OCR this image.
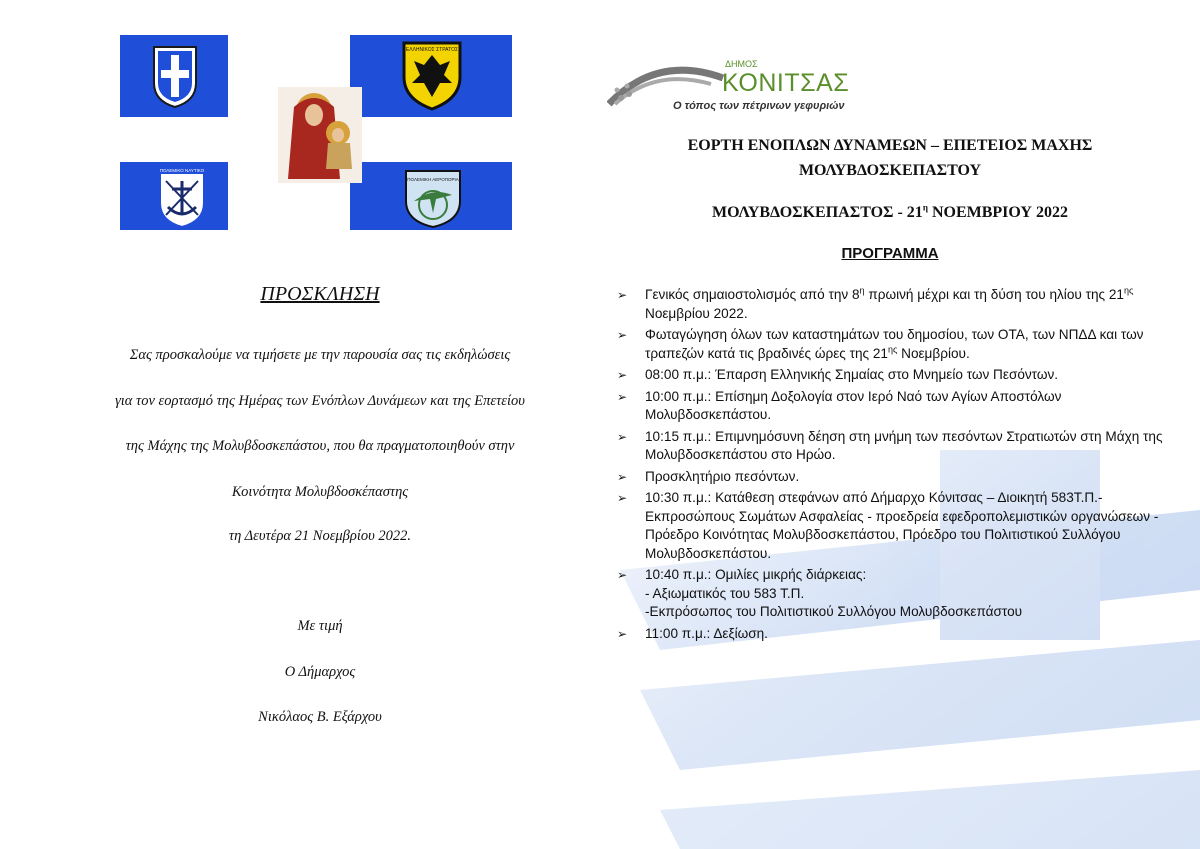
ΕΛΛΗΝΙΚΟΣ ΣΤΡΑΤΟΣ
ΠΟΛΕΜΙΚΟ ΝΑΥΤΙΚΟ
ΠΟΛΕΜΙΚΗ ΑΕΡΟΠΟΡΙΑ
ΠΡΟΣΚΛΗΣΗ
Σας προσκαλούμε να τιμήσετε με την παρουσία σας τις εκδηλώσεις
για τον εορτασμό της Ημέρας των Ενόπλων Δυνάμεων και της Επετείου
της Μάχης της Μολυβδοσκεπάστου, που θα πραγματοποιηθούν στην
Κοινότητα Μολυβδοσκέπαστης
τη Δευτέρα 21 Νοεμβρίου 2022.
Με τιμή
Ο Δήμαρχος
Νικόλαος Β. Εξάρχου
ΔΗΜΟΣ
ΚΟΝΙΤΣΑΣ
Ο τόπος των πέτρινων γεφυριών
ΕΟΡΤΗ ΕΝΟΠΛΩΝ ΔΥΝΑΜΕΩΝ – ΕΠΕΤΕΙΟΣ ΜΑΧΗΣ
ΜΟΛΥΒΔΟΣΚΕΠΑΣΤΟΥ
ΜΟΛΥΒΔΟΣΚΕΠΑΣΤΟΣ - $21^\eta$ ΝΟΕΜΒΡΙΟΥ 2022
ΠΡΟΓΡΑΜΜΑ
➢ Γενικός σημαιοστολισμός από την $8^\eta$ πρωινή μέχρι και τη δύση του ηλίου της $21^{\eta\varsigma}$ Νοεμβρίου 2022.
➢ Φωταγώγηση όλων των καταστημάτων του δημοσίου, των ΟΤΑ, των ΝΠΔΔ και των τραπεζών κατά τις βραδινές ώρες της $21^{\eta\varsigma}$ Νοεμβρίου.
➢ 08:00 π.μ.: Έπαρση Ελληνικής Σημαίας στο Μνημείο των Πεσόντων.
➢ 10:00 π.μ.: Επίσημη Δοξολογία στον Ιερό Ναό των Αγίων Αποστόλων Μολυβδοσκεπάστου.
➢ 10:15 π.μ.: Επιμνημόσυνη δέηση στη μνήμη των πεσόντων Στρατιωτών στη Μάχη της Μολυβδοσκεπάστου στο Ηρώο.
➢ Προσκλητήριο πεσόντων.
➢ 10:30 π.μ.: Κατάθεση στεφάνων από Δήμαρχο Κόνιτσας – Διοικητή 583Τ.Π.- Εκπροσώπους Σωμάτων Ασφαλείας - προεδρεία εφεδροπολεμιστικών οργανώσεων - Πρόεδρο Κοινότητας Μολυβδοσκεπάστου, Πρόεδρο του Πολιτιστικού Συλλόγου Μολυβδοσκεπάστου.
➢ 10:40 π.μ.: Ομιλίες μικρής διάρκειας:
- Αξιωματικός του 583 Τ.Π.
-Εκπρόσωπος του Πολιτιστικού Συλλόγου Μολυβδοσκεπάστου
➢ 11:00 π.μ.: Δεξίωση.
